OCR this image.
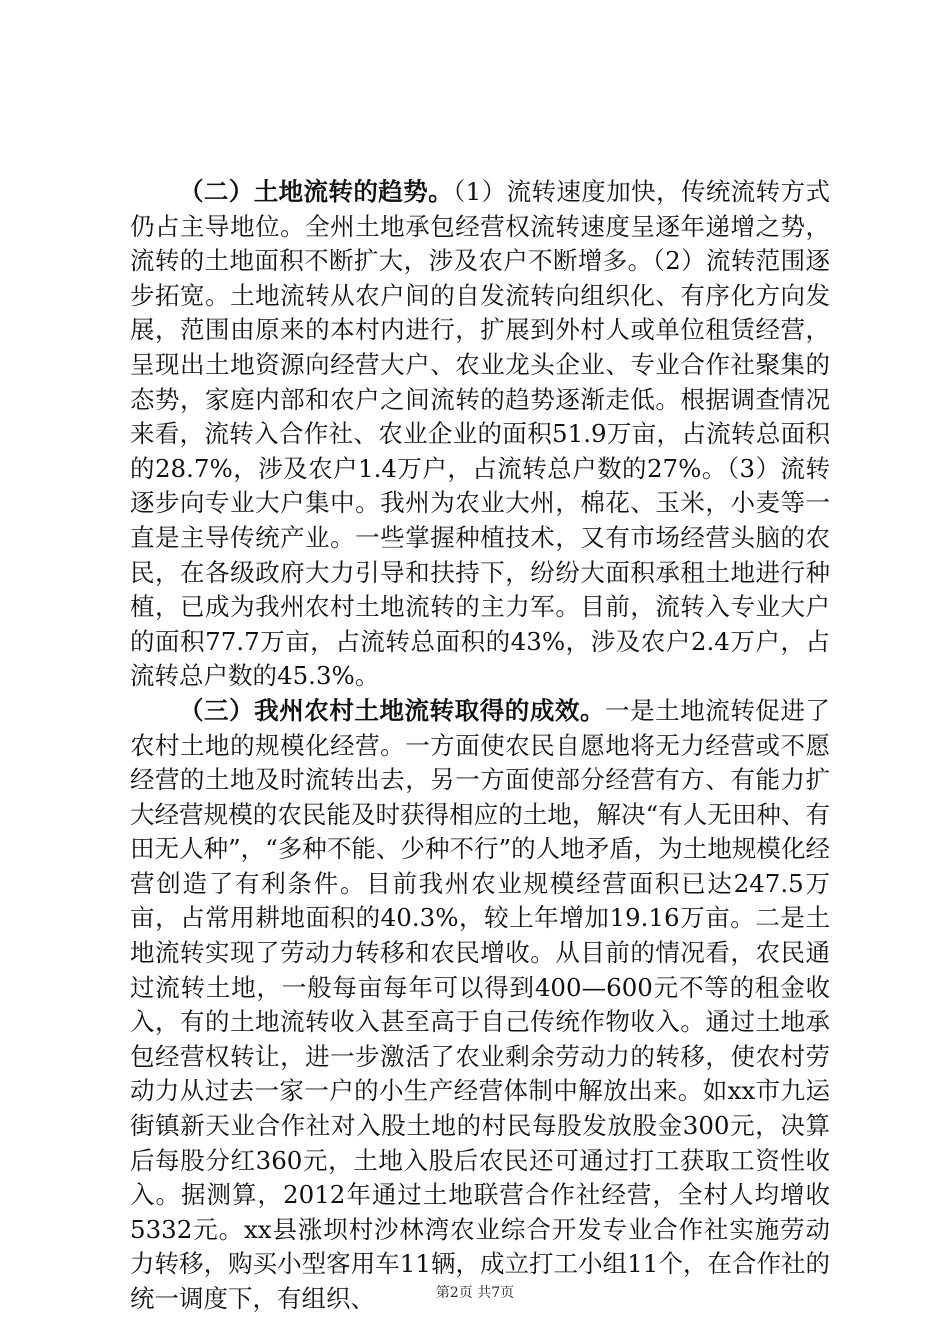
（二）土地流转的趋势。（1）流转速度加快，传统流转方式仍占主导地位。全州土地承包经营权流转速度呈逐年递增之势，流转的土地面积不断扩大，涉及农户不断增多。（2）流转范围逐步拓宽。土地流转从农户间的自发流转向组织化、有序化方向发展，范围由原来的本村内进行，扩展到外村人或单位租赁经营，呈现出土地资源向经营大户、农业龙头企业、专业合作社聚集的态势，家庭内部和农户之间流转的趋势逐渐走低。根据调查情况来看，流转入合作社、农业企业的面积51.9万亩，占流转总面积的28.7%，涉及农户1.4万户，占流转总户数的27%。（3）流转逐步向专业大户集中。我州为农业大州，棉花、玉米，小麦等一直是主导传统产业。一些掌握种植技术，又有市场经营头脑的农民，在各级政府大力引导和扶持下，纷纷大面积承租土地进行种植，已成为我州农村土地流转的主力军。目前，流转入专业大户的面积77.7万亩，占流转总面积的43%，涉及农户2.4万户，占流转总户数的45.3%。

（三）我州农村土地流转取得的成效。一是土地流转促进了农村土地的规模化经营。一方面使农民自愿地将无力经营或不愿经营的土地及时流转出去，另一方面使部分经营有方、有能力扩大经营规模的农民能及时获得相应的土地，解决“有人无田种、有田无人种”，“多种不能、少种不行”的人地矛盾，为土地规模化经营创造了有利条件。目前我州农业规模经营面积已达247.5万亩，占常用耕地面积的40.3%，较上年增加19.16万亩。二是土地流转实现了劳动力转移和农民增收。从目前的情况看，农民通过流转土地，一般每亩每年可以得到400—600元不等的租金收入，有的土地流转收入甚至高于自己传统作物收入。通过土地承包经营权转让，进一步激活了农业剩余劳动力的转移，使农村劳动力从过去一家一户的小生产经营体制中解放出来。如xx市九运街镇新天业合作社对入股土地的村民每股发放股金300元，决算后每股分红360元，土地入股后农民还可通过打工获取工资性收入。据测算，2012年通过土地联营合作社经营，全村人均增收5332元。xx县涨坝村沙林湾农业综合开发专业合作社实施劳动力转移，购买小型客用车11辆，成立打工小组11个，在合作社的统一调度下，有组织、	第2页 共7页
